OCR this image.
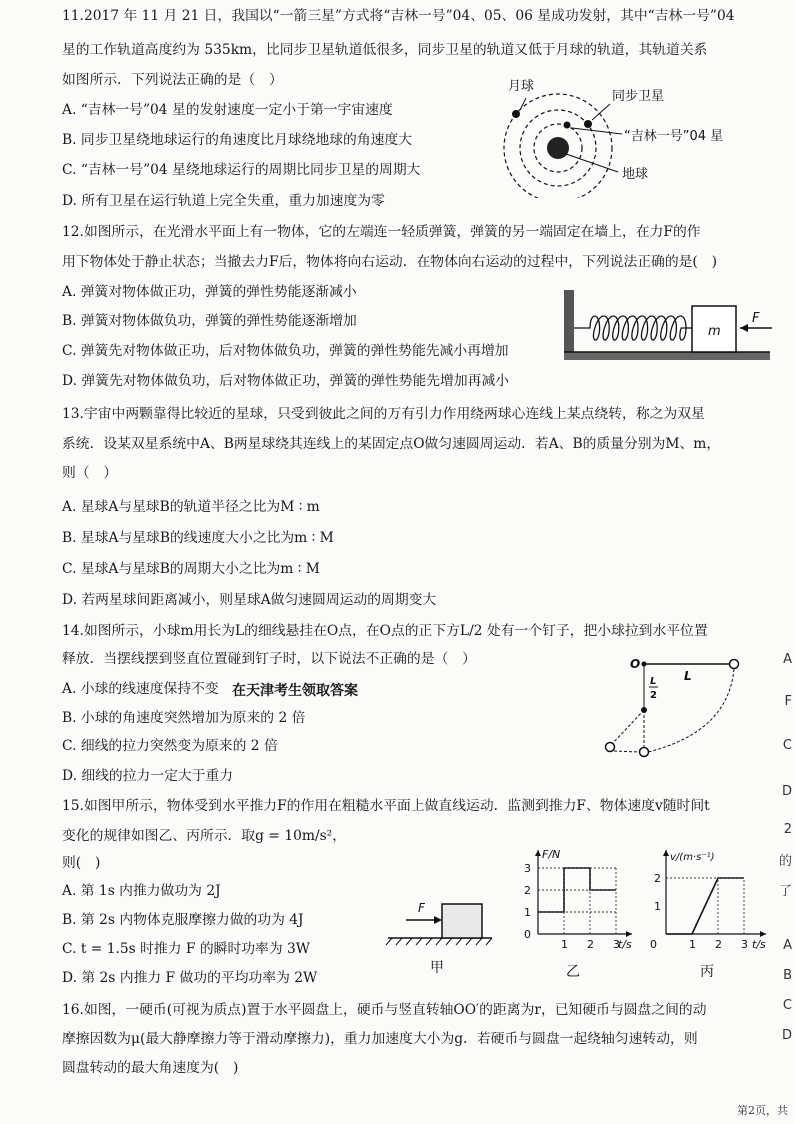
11.2017 年 11 月 21 日，我国以“一箭三星”方式将“吉林一号”04、05、06 星成功发射，其中“吉林一号”04
星的工作轨道高度约为 535km，比同步卫星轨道低很多，同步卫星的轨道又低于月球的轨道，其轨道关系
如图所示．下列说法正确的是（　）
A. “吉林一号”04 星的发射速度一定小于第一宇宙速度
B. 同步卫星绕地球运行的角速度比月球绕地球的角速度大
C. “吉林一号”04 星绕地球运行的周期比同步卫星的周期大
D. 所有卫星在运行轨道上完全失重，重力加速度为零
月球
同步卫星
“吉林一号”04 星
地球
12.如图所示，在光滑水平面上有一物体，它的左端连一轻质弹簧，弹簧的另一端固定在墙上，在力F的作
用下物体处于静止状态；当撤去力F后，物体将向右运动．在物体向右运动的过程中，下列说法正确的是(　)
A. 弹簧对物体做正功，弹簧的弹性势能逐渐减小
B. 弹簧对物体做负功，弹簧的弹性势能逐渐增加
C. 弹簧先对物体做正功，后对物体做负功，弹簧的弹性势能先减小再增加
D. 弹簧先对物体做负功，后对物体做正功，弹簧的弹性势能先增加再减小
m
F
13.宇宙中两颗靠得比较近的星球，只受到彼此之间的万有引力作用绕两球心连线上某点绕转，称之为双星
系统．设某双星系统中A、B两星球绕其连线上的某固定点O做匀速圆周运动．若A、B的质量分别为M、m，
则（　）
A. 星球A与星球B的轨道半径之比为M ∶ m
B. 星球A与星球B的线速度大小之比为m ∶ M
C. 星球A与星球B的周期大小之比为m ∶ M
D. 若两星球间距离减小，则星球A做匀速圆周运动的周期变大
14.如图所示，小球m用长为L的细线悬挂在O点，在O点的正下方L/2 处有一个钉子，把小球拉到水平位置
释放．当摆线摆到竖直位置碰到钉子时，以下说法不正确的是（　）
A. 小球的线速度保持不变 在天津考生领取答案
B. 小球的角速度突然增加为原来的 2 倍
C. 细线的拉力突然变为原来的 2 倍
D. 细线的拉力一定大于重力
O
L
L
2
15.如图甲所示，物体受到水平推力F的作用在粗糙水平面上做直线运动．监测到推力F、物体速度v随时间t
变化的规律如图乙、丙所示．取g = 10m/s²，
则(　)
A. 第 1s 内推力做功为 2J
B. 第 2s 内物体克服摩擦力做的功为 4J
C. t = 1.5s 时推力 F 的瞬时功率为 3W
D. 第 2s 内推力 F 做功的平均功率为 2W
F
甲
F/N
t/s
乙
0
1
2
3
1 2 3
v/(m·s⁻¹)
t/s
丙
1
2
0	1 2 3
16.如图，一硬币(可视为质点)置于水平圆盘上，硬币与竖直转轴OO′的距离为r，已知硬币与圆盘之间的动
摩擦因数为μ(最大静摩擦力等于滑动摩擦力)，重力加速度大小为g．若硬币与圆盘一起绕轴匀速转动，则
圆盘转动的最大角速度为(　)
A
F
C
D
2
的
了
A
B
C
D
第2页，共
